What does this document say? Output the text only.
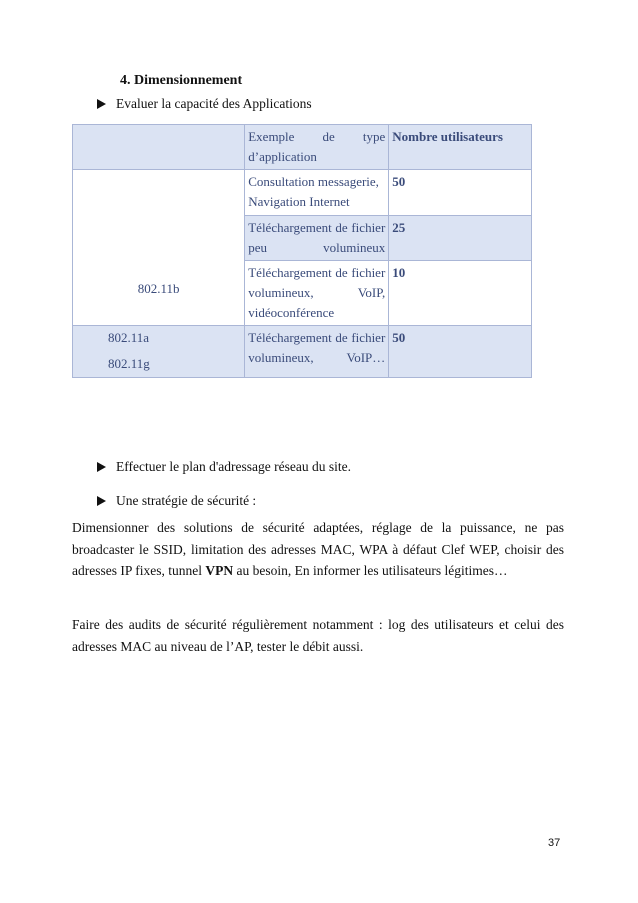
4. Dimensionnement
Evaluer la capacité des Applications

	Exemple de type d’application	Nombre utilisateurs
802.11b	Consultation messagerie, Navigation Internet	50

	Téléchargement de fichier peu volumineux	25

	Téléchargement de fichier volumineux, VoIP, vidéoconférence	10

802.11a
802.11g	Téléchargement de fichier volumineux, VoIP…	50
Effectuer le plan d'adressage réseau du site.
Une stratégie de sécurité :
Dimensionner des solutions de sécurité adaptées, réglage de la puissance, ne pas broadcaster le SSID, limitation des adresses MAC, WPA à défaut Clef WEP, choisir des adresses IP fixes, tunnel VPN au besoin, En informer les utilisateurs légitimes…
Faire des audits de sécurité régulièrement notamment : log des utilisateurs et celui des adresses MAC au niveau de l’AP, tester le débit aussi.
37
